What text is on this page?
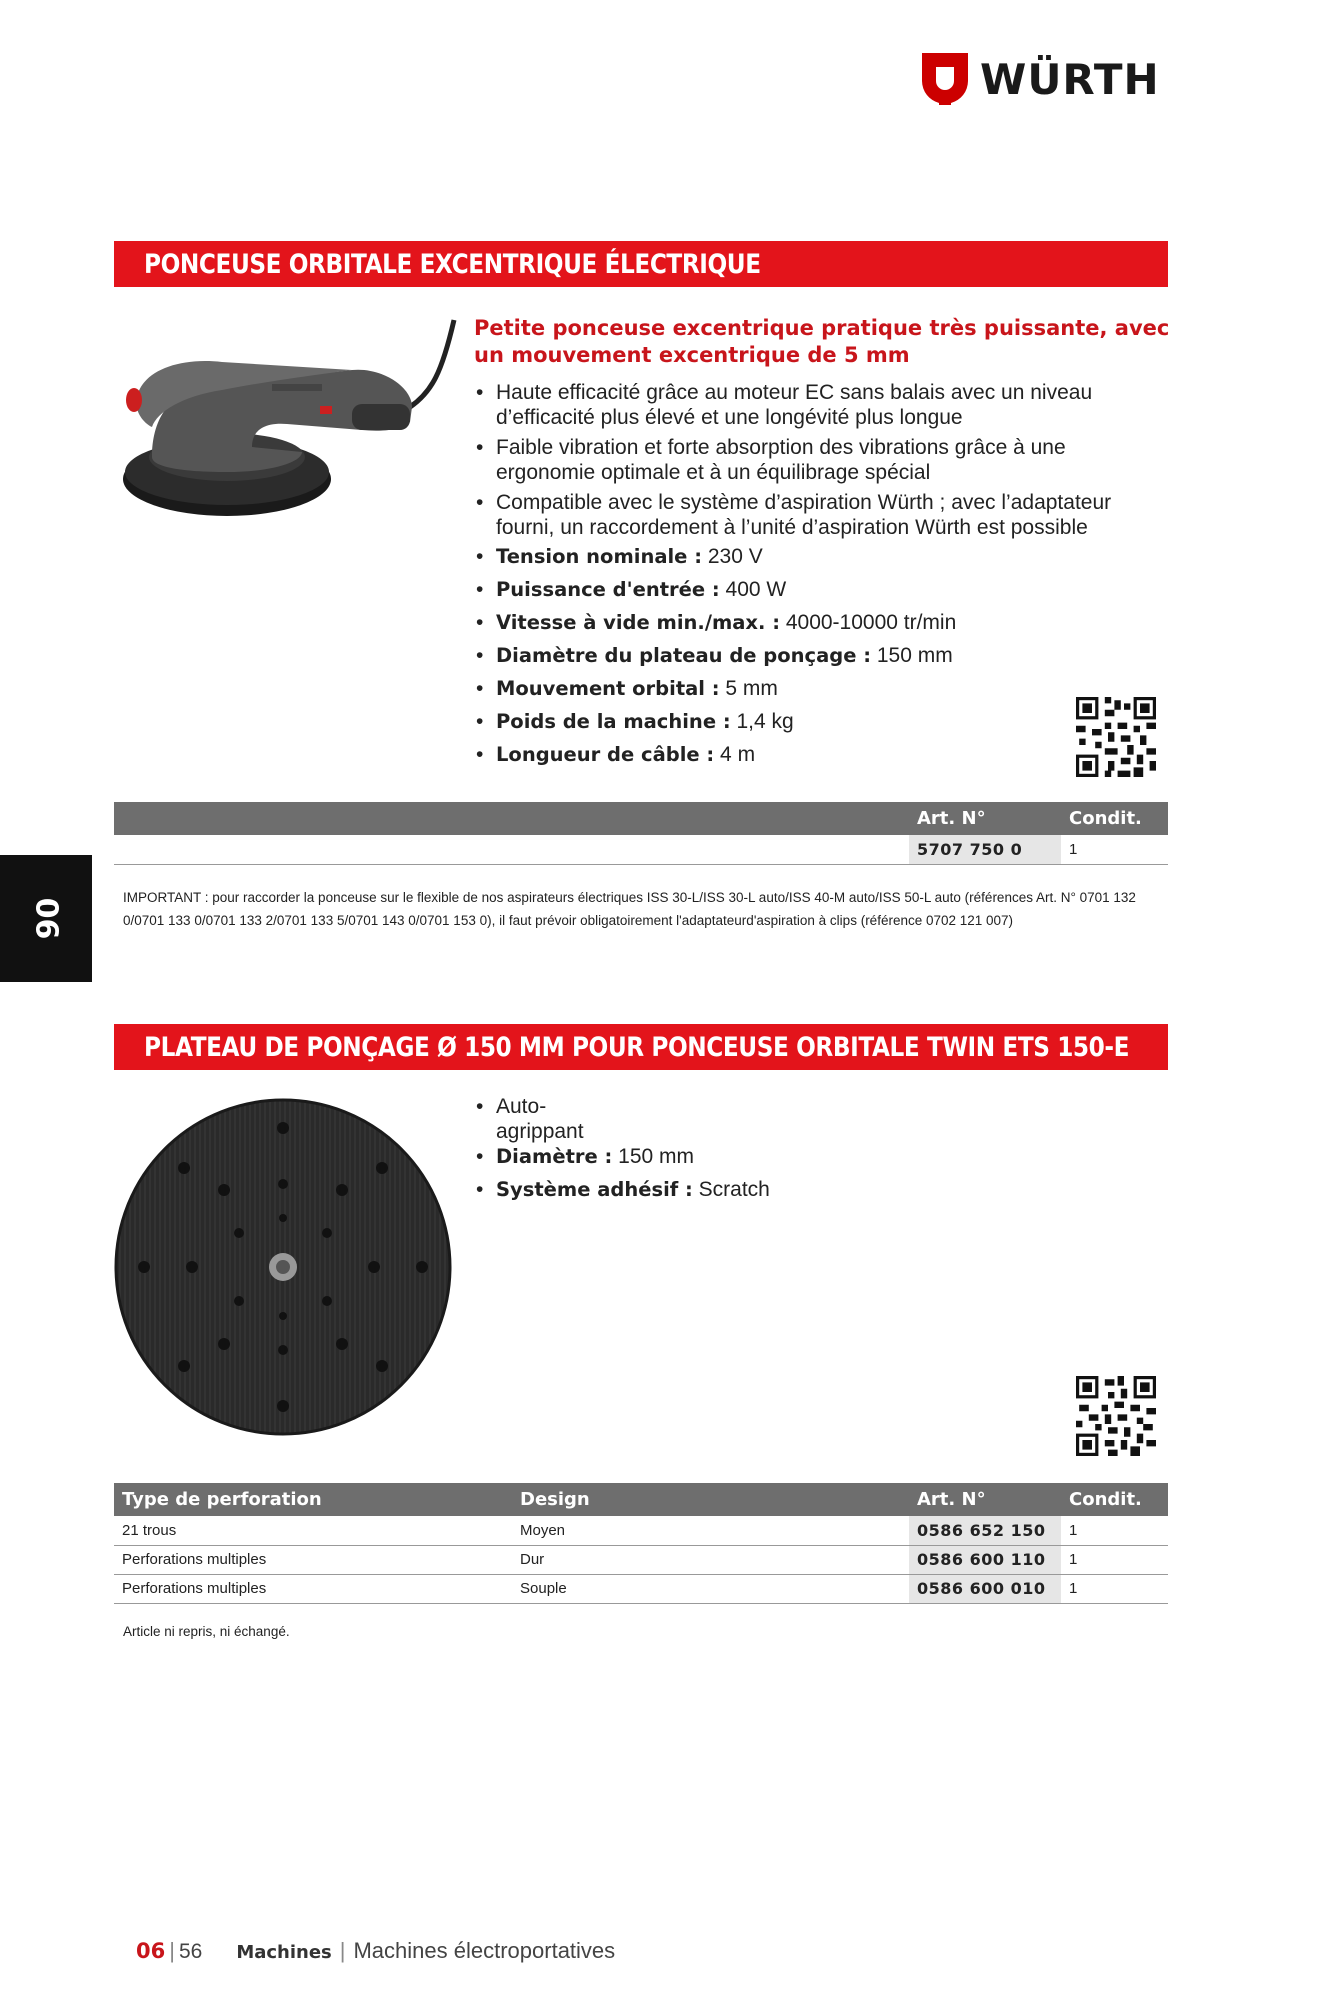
WÜRTH
06
PONCEUSE ORBITALE EXCENTRIQUE ÉLECTRIQUE
Petite ponceuse excentrique pratique très puissante, avec un mouvement excentrique de 5 mm
• Haute efficacité grâce au moteur EC sans balais avec un niveau d’efficacité plus élevé et une longévité plus longue
• Faible vibration et forte absorption des vibrations grâce à une ergonomie optimale et à un équilibrage spécial
• Compatible avec le système d’aspiration Würth ; avec l’adaptateur fourni, un raccordement à l’unité d’aspiration Würth est possible
• Tension nominale : 230 V
• Puissance d'entrée : 400 W
• Vitesse à vide min./max. : 4000-10000 tr/min
• Diamètre du plateau de ponçage : 150 mm
• Mouvement orbital : 5 mm
• Poids de la machine : 1,4 kg
• Longueur de câble : 4 m
	Art. N°	Condit.
	5707 750 0	1
IMPORTANT : pour raccorder la ponceuse sur le flexible de nos aspirateurs électriques ISS 30-L/ISS 30-L auto/ISS 40-M auto/ISS 50-L auto (références Art. N° 0701 132 0/0701 133 0/0701 133 2/0701 133 5/0701 143 0/0701 153 0), il faut prévoir obligatoirement l'adaptateurd'aspiration à clips (référence 0702 121 007)
PLATEAU DE PONÇAGE Ø 150 MM POUR PONCEUSE ORBITALE TWIN ETS 150-E
• Auto-agrippant
• Diamètre : 150 mm
• Système adhésif : Scratch
Type de perforation	Design	Art. N°	Condit.
21 trous	Moyen	0586 652 150	1
Perforations multiples	Dur	0586 600 110	1
Perforations multiples	Souple	0586 600 010	1
Article ni repris, ni échangé.
06 | 56 Machines | Machines électroportatives
